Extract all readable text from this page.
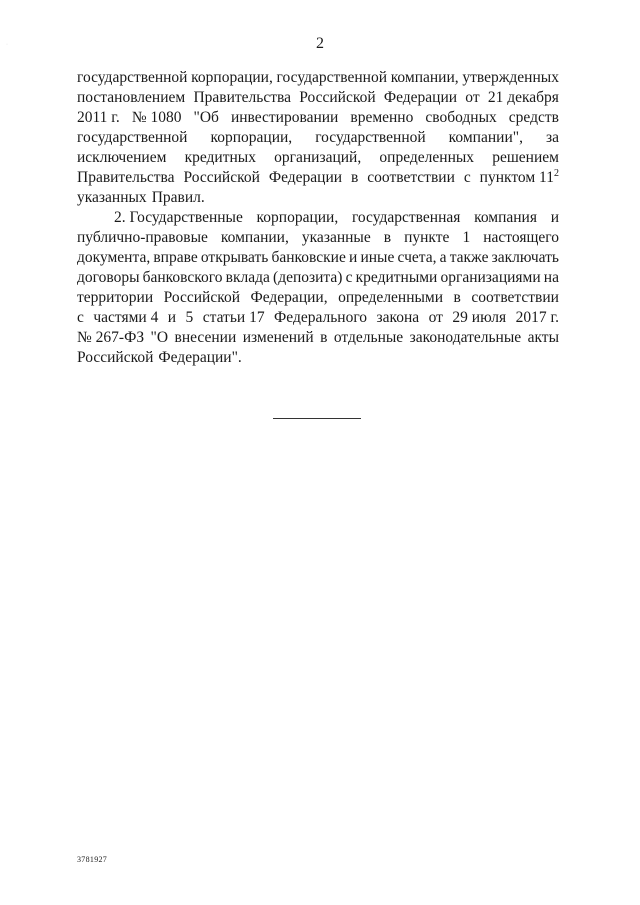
·	2
государственной корпорации, государственной компании, утвержденных
постановлением Правительства Российской Федерации от 21 декабря
2011 г. № 1080 "Об инвестировании временно свободных средств
государственной корпорации, государственной компании", за
исключением кредитных организаций, определенных решением
Правительства Российской Федерации в соответствии с пунктом $11^2$
указанных Правил.
2. Государственные корпорации, государственная компания и
публично-правовые компании, указанные в пункте 1 настоящего
документа, вправе открывать банковские и иные счета, а также заключать
договоры банковского вклада (депозита) с кредитными организациями на
территории Российской Федерации, определенными в соответствии
с частями 4 и 5 статьи 17 Федерального закона от 29 июля 2017 г.
№ 267-ФЗ "О внесении изменений в отдельные законодательные акты
Российской Федерации".
3781927
